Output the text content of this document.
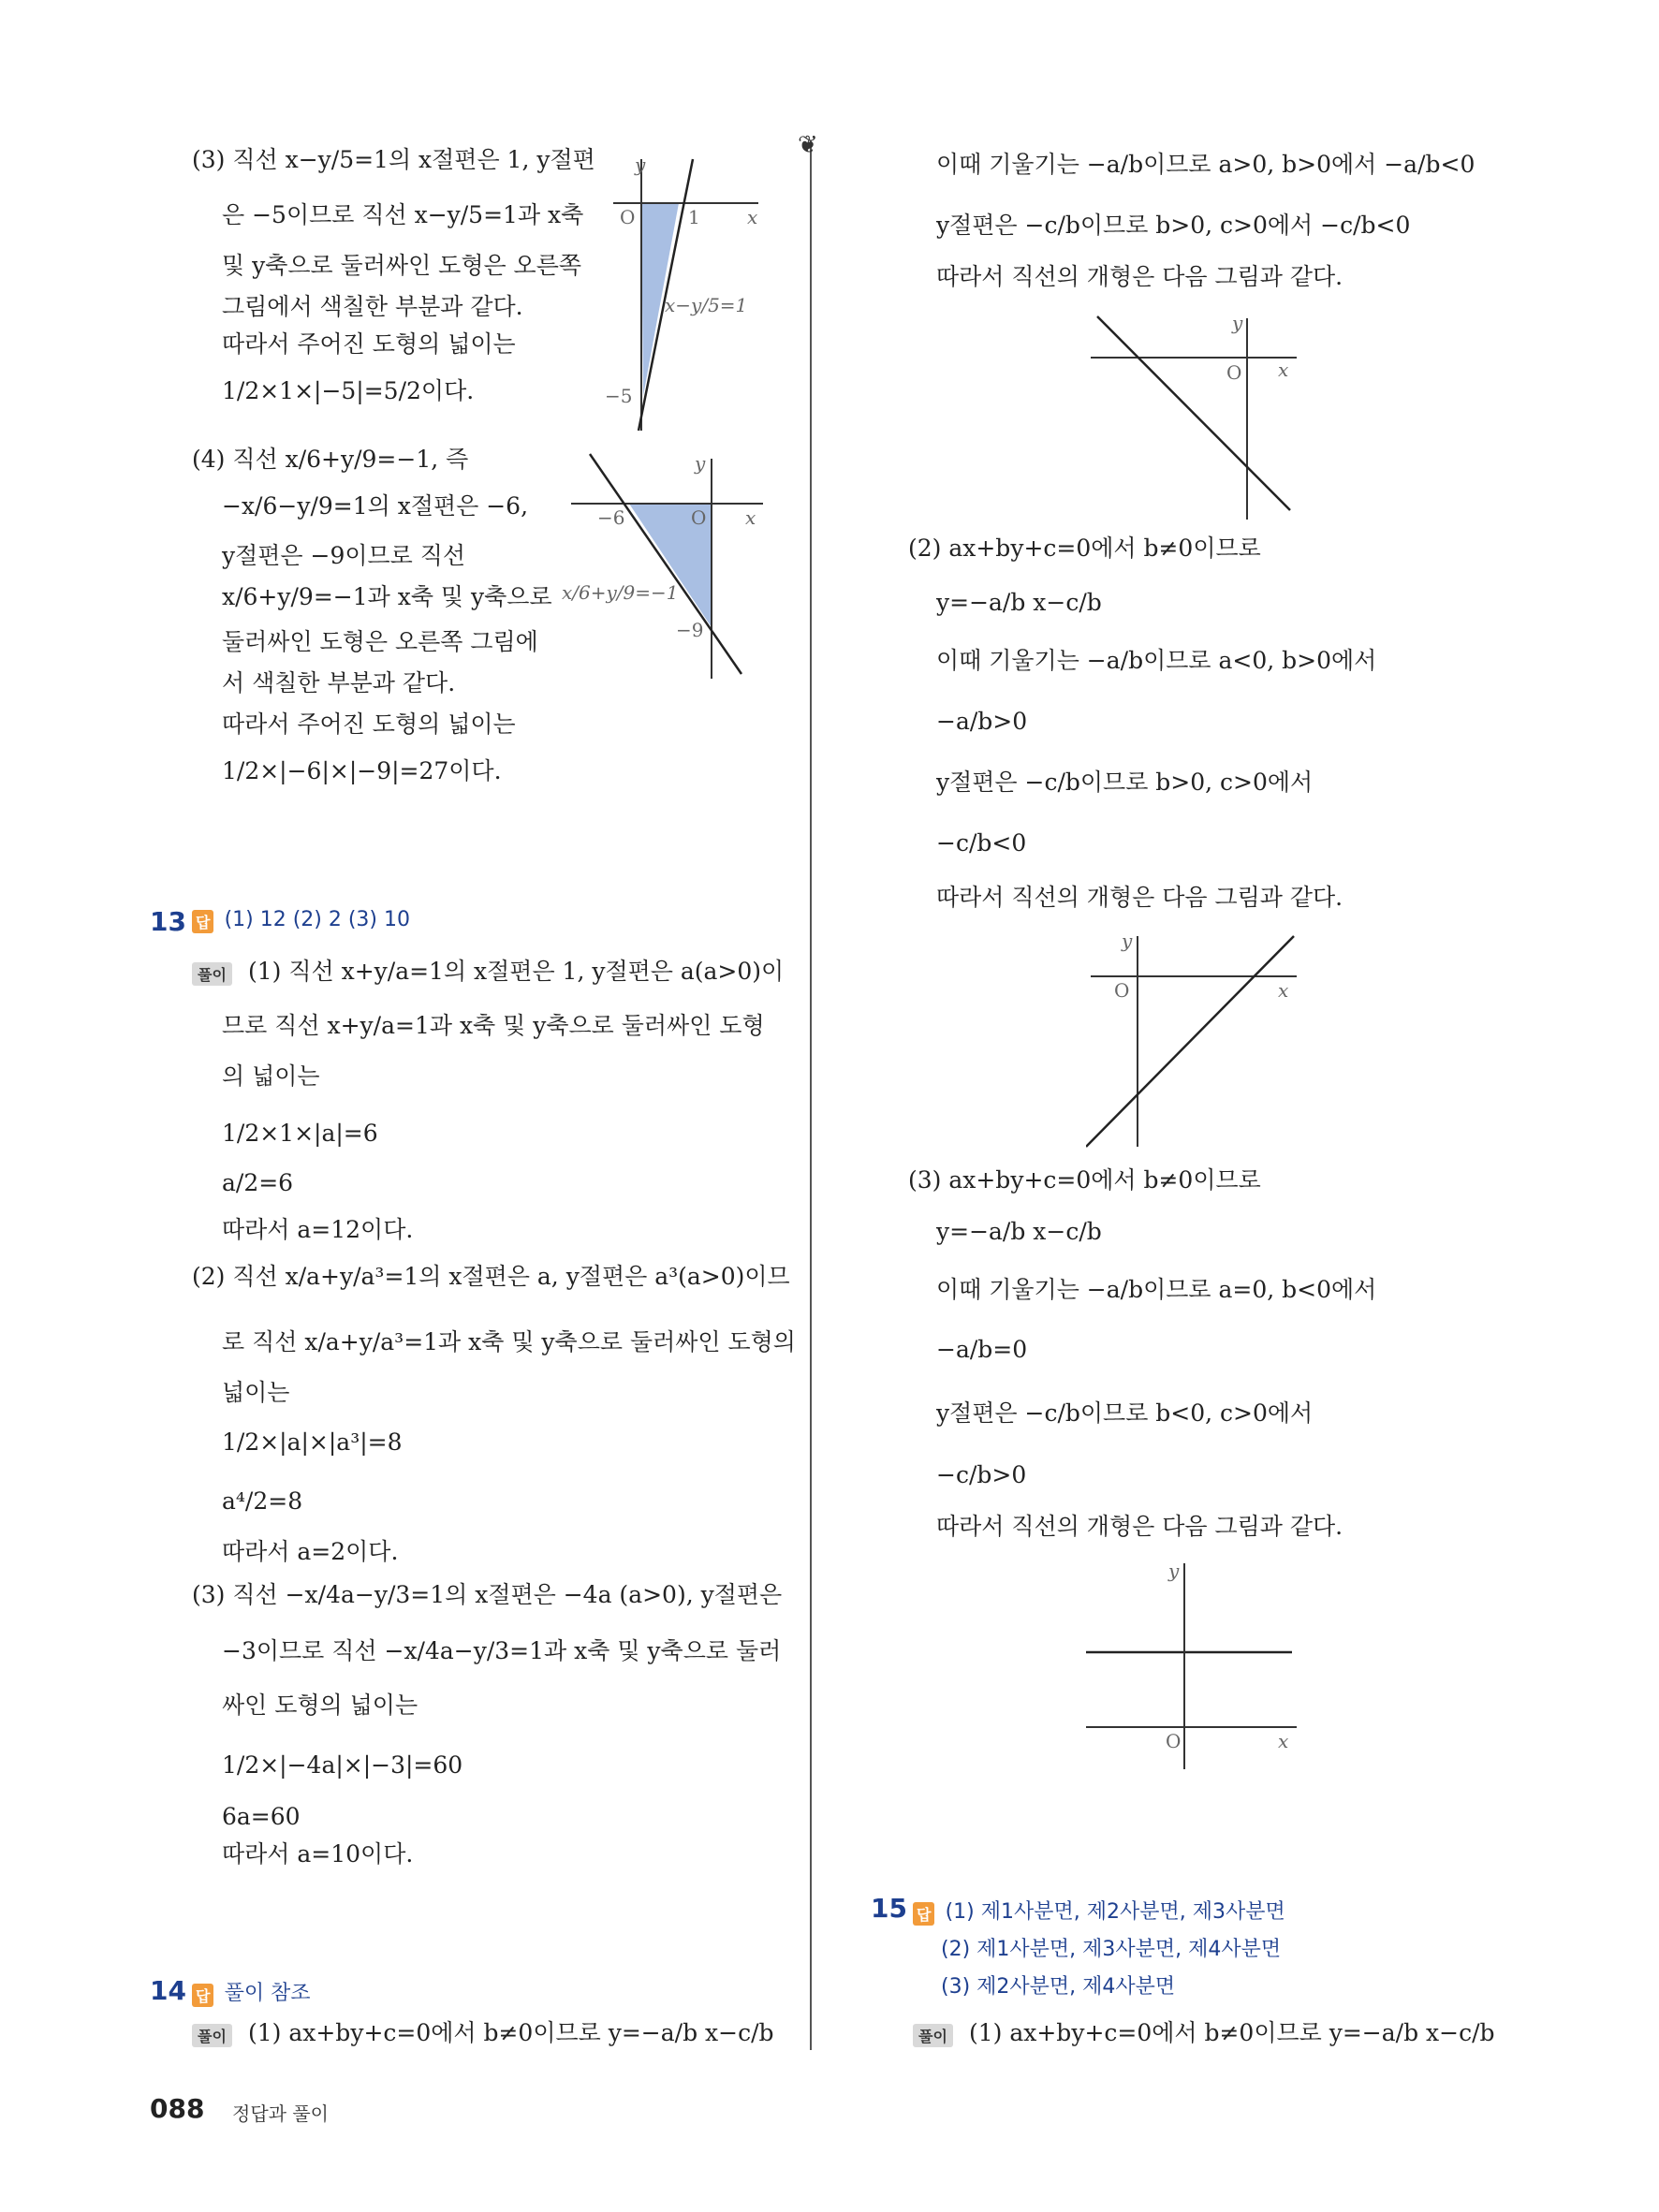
(3) 직선 x−y/5=1의 x절편은 1, y절편
은 −5이므로 직선 x−y/5=1과 x축
및 y축으로 둘러싸인 도형은 오른쪽
그림에서 색칠한 부분과 같다.
따라서 주어진 도형의 넓이는
1/2×1×|−5|=5/2이다.
y
x
O	1
−5
x−y/5=1
(4) 직선 x/6+y/9=−1, 즉
−x/6−y/9=1의 x절편은 −6,
y절편은 −9이므로 직선
x/6+y/9=−1과 x축 및 y축으로
둘러싸인 도형은 오른쪽 그림에
서 색칠한 부분과 같다.
따라서 주어진 도형의 넓이는
1/2×|−6|×|−9|=27이다.
y
x
O
−6
−9
x/6+y/9=−1
13 답 (1) 12 (2) 2 (3) 10
풀이 (1) 직선 x+y/a=1의 x절편은 1, y절편은 a(a>0)이
므로 직선 x+y/a=1과 x축 및 y축으로 둘러싸인 도형
의 넓이는
1/2×1×|a|=6
a/2=6
따라서 a=12이다.
(2) 직선 x/a+y/a³=1의 x절편은 a, y절편은 a³(a>0)이므
로 직선 x/a+y/a³=1과 x축 및 y축으로 둘러싸인 도형의
넓이는
1/2×|a|×|a³|=8
a⁴/2=8
따라서 a=2이다.
(3) 직선 −x/4a−y/3=1의 x절편은 −4a (a>0), y절편은
−3이므로 직선 −x/4a−y/3=1과 x축 및 y축으로 둘러
싸인 도형의 넓이는
1/2×|−4a|×|−3|=60
6a=60
따라서 a=10이다.
14 답 풀이 참조
풀이 (1) ax+by+c=0에서 b≠0이므로 y=−a/b x−c/b
❦
이때 기울기는 −a/b이므로 a>0, b>0에서 −a/b<0
y절편은 −c/b이므로 b>0, c>0에서 −c/b<0
따라서 직선의 개형은 다음 그림과 같다.
y
x
O
(2) ax+by+c=0에서 b≠0이므로
y=−a/b x−c/b
이때 기울기는 −a/b이므로 a<0, b>0에서
−a/b>0
y절편은 −c/b이므로 b>0, c>0에서
−c/b<0
따라서 직선의 개형은 다음 그림과 같다.
y
x
O
(3) ax+by+c=0에서 b≠0이므로
y=−a/b x−c/b
이때 기울기는 −a/b이므로 a=0, b<0에서
−a/b=0
y절편은 −c/b이므로 b<0, c>0에서
−c/b>0
따라서 직선의 개형은 다음 그림과 같다.
y
x
O
15 답 (1) 제1사분면, 제2사분면, 제3사분면
(2) 제1사분면, 제3사분면, 제4사분면
(3) 제2사분면, 제4사분면
풀이 (1) ax+by+c=0에서 b≠0이므로 y=−a/b x−c/b
088 정답과 풀이
